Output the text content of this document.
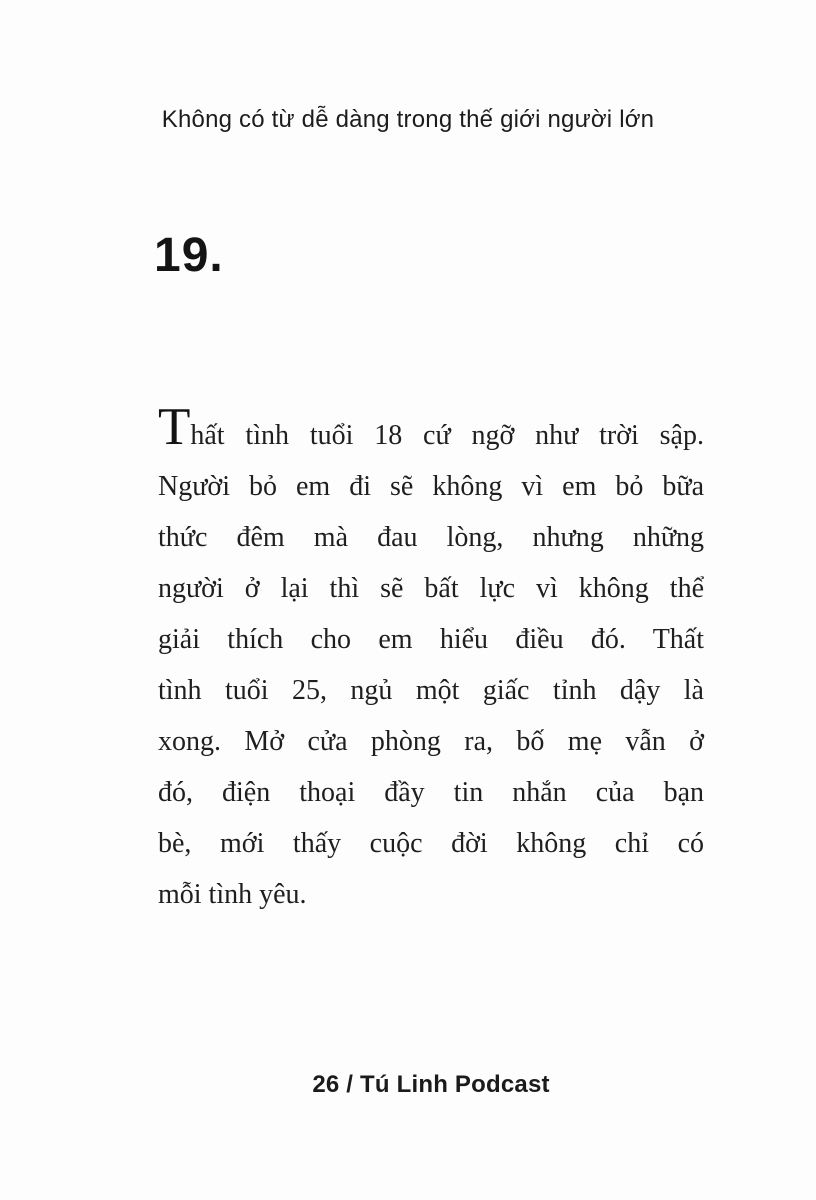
Không có từ dễ dàng trong thế giới người lớn
19.
Thất tình tuổi 18 cứ ngỡ như trời sập.
Người bỏ em đi sẽ không vì em bỏ bữa
thức đêm mà đau lòng, nhưng những
người ở lại thì sẽ bất lực vì không thể
giải thích cho em hiểu điều đó. Thất
tình tuổi 25, ngủ một giấc tỉnh dậy là
xong. Mở cửa phòng ra, bố mẹ vẫn ở
đó, điện thoại đầy tin nhắn của bạn
bè, mới thấy cuộc đời không chỉ có
mỗi tình yêu.
26 / Tú Linh Podcast
